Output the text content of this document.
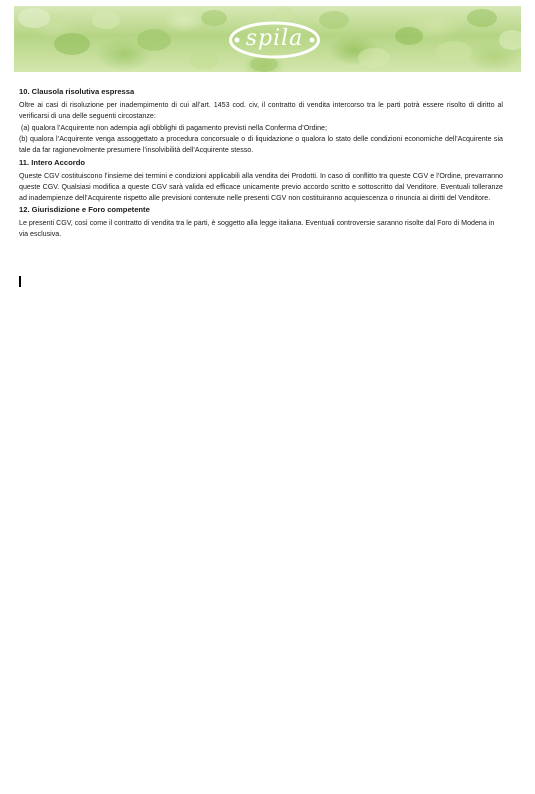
spila
10. Clausola risolutiva espressa

Oltre ai casi di risoluzione per inadempimento di cui all’art. 1453 cod. civ, il contratto di vendita intercorso tra le parti potrà essere risolto di diritto al verificarsi di una delle seguenti circostanze:

(a) qualora l’Acquirente non adempia agli obblighi di pagamento previsti nella Conferma d’Ordine;

(b) qualora l’Acquirente venga assoggettato a procedura concorsuale o di liquidazione o qualora lo stato delle condizioni economiche dell’Acquirente sia tale da far ragionevolmente presumere l’insolvibilità dell’Acquirente stesso.

11. Intero Accordo

Queste CGV costituiscono l’insieme dei termini e condizioni applicabili alla vendita dei Prodotti. In caso di conflitto tra queste CGV e l’Ordine, prevarranno queste CGV. Qualsiasi modifica a queste CGV sarà valida ed efficace unicamente previo accordo scritto e sottoscritto dal Venditore. Eventuali tolleranze ad inadempienze dell’Acquirente rispetto alle previsioni contenute nelle presenti CGV non costituiranno acquiescenza o rinuncia ai diritti del Venditore.

12. Giurisdizione e Foro competente

Le presenti CGV, così come il contratto di vendita tra le parti, è soggetto alla legge italiana. Eventuali controversie saranno risolte dal Foro di Modena in via esclusiva.
